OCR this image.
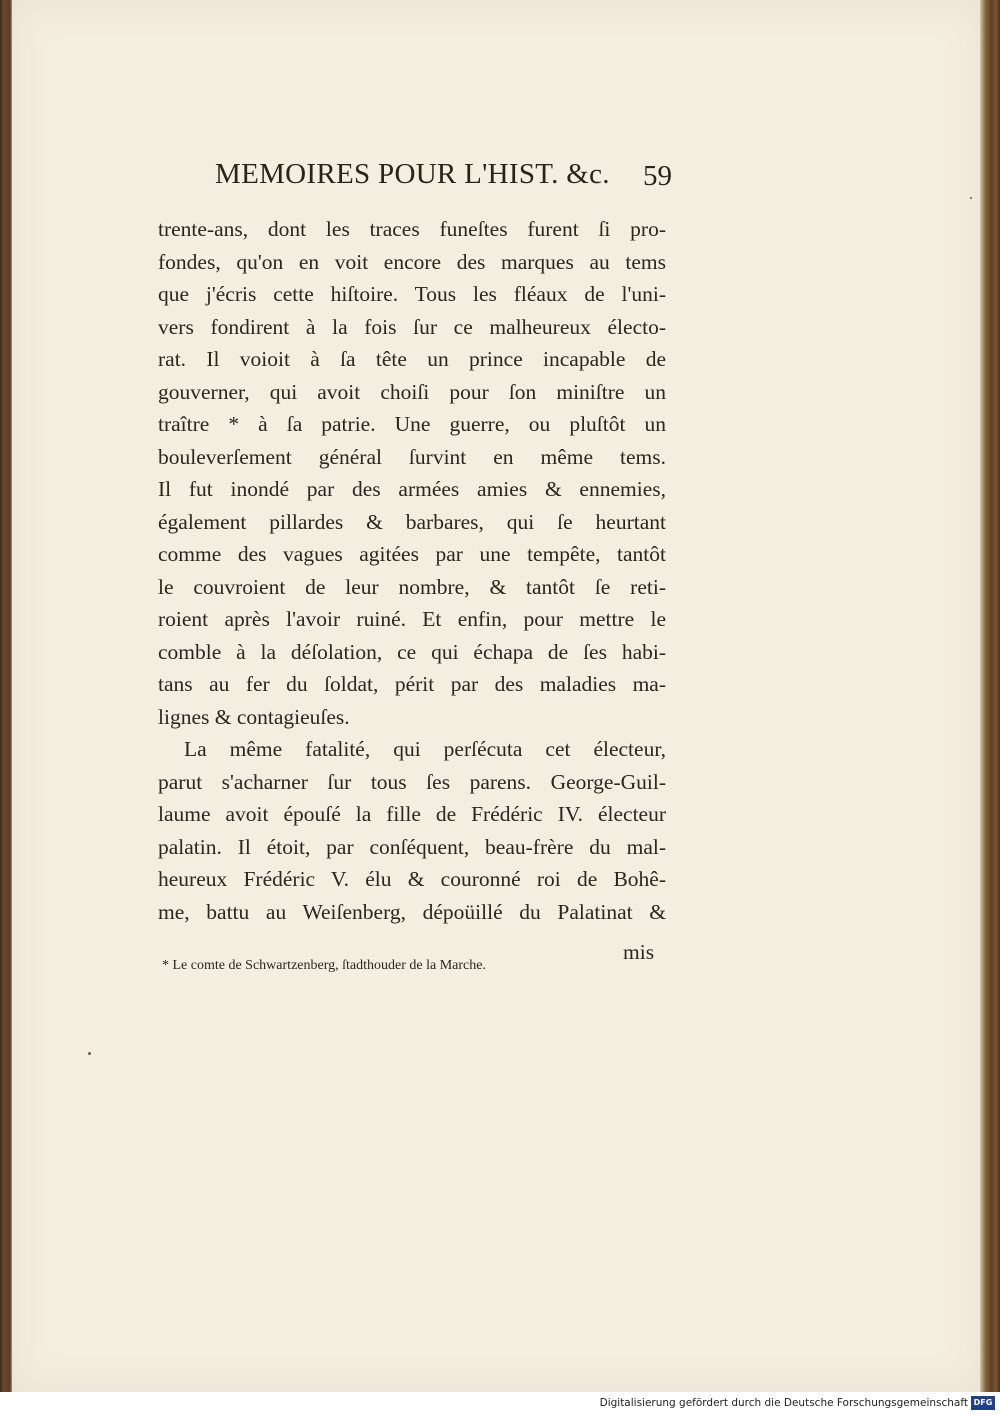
MEMOIRES POUR L'HIST. &c.	59
trente-ans, dont les traces funeſtes furent ſi pro-
fondes, qu'on en voit encore des marques au tems
que j'écris cette hiſtoire. Tous les fléaux de l'uni-
vers fondirent à la fois ſur ce malheureux électo-
rat. Il voioit à ſa tête un prince incapable de
gouverner, qui avoit choiſi pour ſon miniſtre un
traître * à ſa patrie. Une guerre, ou pluſtôt un
bouleverſement général ſurvint en même tems.
Il fut inondé par des armées amies & ennemies,
également pillardes & barbares, qui ſe heurtant
comme des vagues agitées par une tempête, tantôt
le couvroient de leur nombre, & tantôt ſe reti-
roient après l'avoir ruiné. Et enfin, pour mettre le
comble à la déſolation, ce qui échapa de ſes habi-
tans au fer du ſoldat, périt par des maladies ma-
lignes & contagieuſes.
La même fatalité, qui perſécuta cet électeur,
parut s'acharner ſur tous ſes parens. George-Guil-
laume avoit épouſé la fille de Frédéric IV. électeur
palatin. Il étoit, par conſéquent, beau-frère du mal-
heureux Frédéric V. élu & couronné roi de Bohê-
me, battu au Weiſenberg, dépoüillé du Palatinat &
mis
* Le comte de Schwartzenberg, ſtadthouder de la Marche.
Digitalisierung gefördert durch die Deutsche Forschungsgemeinschaft DFG
